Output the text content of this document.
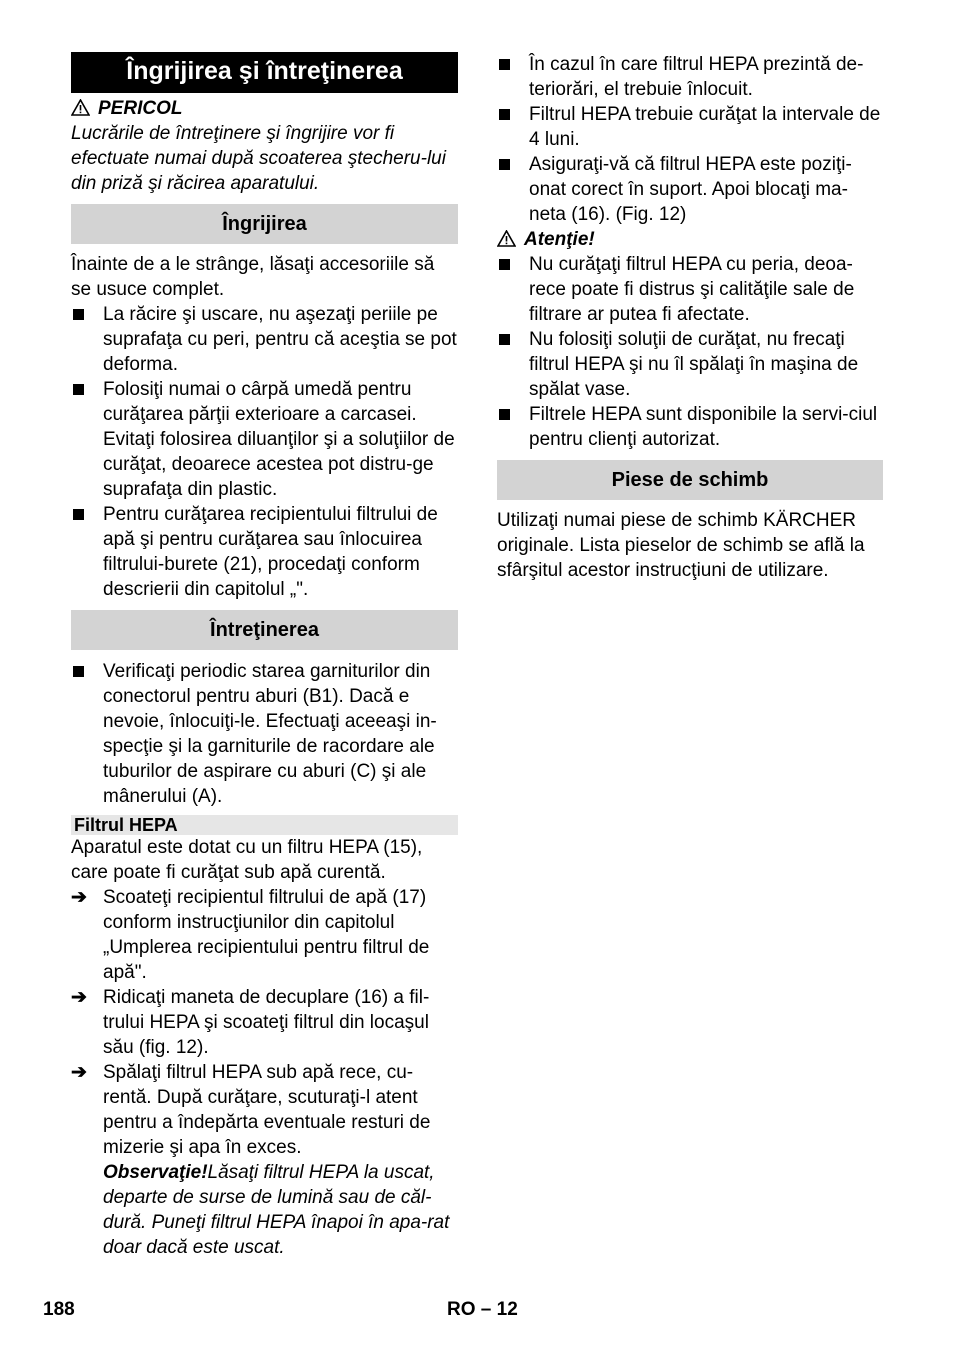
Îngrijirea şi întreţinerea
PERICOL

Lucrările de întreţinere şi îngrijire vor fi efectuate numai după scoaterea ştecheru-lui din priză şi răcirea aparatului.

Îngrijirea

Înainte de a le strânge, lăsaţi accesoriile să se usuce complet.

La răcire şi uscare, nu aşezaţi periile pe suprafaţa cu peri, pentru că aceştia se pot deforma.
Folosiţi numai o cârpă umedă pentru curăţarea părţii exterioare a carcasei. Evitaţi folosirea diluanţilor şi a soluţiilor de curăţat, deoarece acestea pot distru-ge suprafaţa din plastic.
Pentru curăţarea recipientului filtrului de apă şi pentru curăţarea sau înlocuirea filtrului-burete (21), procedaţi conform descrierii din capitolul „".
Întreţinerea
Verificaţi periodic starea garniturilor din conectorul pentru aburi (B1). Dacă e nevoie, înlocuiţi-le. Efectuaţi aceeaşi in-specţie şi la garniturile de racordare ale tuburilor de aspirare cu aburi (C) şi ale mânerului (A).
Filtrul HEPA

Aparatul este dotat cu un filtru HEPA (15), care poate fi curăţat sub apă curentă.

➔ Scoateţi recipientul filtrului de apă (17) conform instrucţiunilor din capitolul „Umplerea recipientului pentru filtrul de apă".
➔ Ridicaţi maneta de decuplare (16) a fil-trului HEPA şi scoateţi filtrul din locaşul său (fig. 12).
➔ Spălaţi filtrul HEPA sub apă rece, cu-rentă. După curăţare, scuturaţi-l atent pentru a îndepărta eventuale resturi de mizerie şi apa în exces.
Observaţie!Lăsaţi filtrul HEPA la uscat, departe de surse de lumină sau de căl-dură. Puneţi filtrul HEPA înapoi în apa-rat doar dacă este uscat.
În cazul în care filtrul HEPA prezintă de-teriorări, el trebuie înlocuit.
Filtrul HEPA trebuie curăţat la intervale de 4 luni.
Asiguraţi-vă că filtrul HEPA este poziţi-onat corect în suport. Apoi blocaţi ma-neta (16). (Fig. 12)
Atenţie!
Nu curăţaţi filtrul HEPA cu peria, deoa-rece poate fi distrus şi calităţile sale de filtrare ar putea fi afectate.
Nu folosiţi soluţii de curăţat, nu frecaţi filtrul HEPA şi nu îl spălaţi în maşina de spălat vase.
Filtrele HEPA sunt disponibile la servi-ciul pentru clienţi autorizat.
Piese de schimb

Utilizaţi numai piese de schimb KÄRCHER originale. Lista pieselor de schimb se află la sfârşitul acestor instrucţiuni de utilizare.

188	RO – 12
